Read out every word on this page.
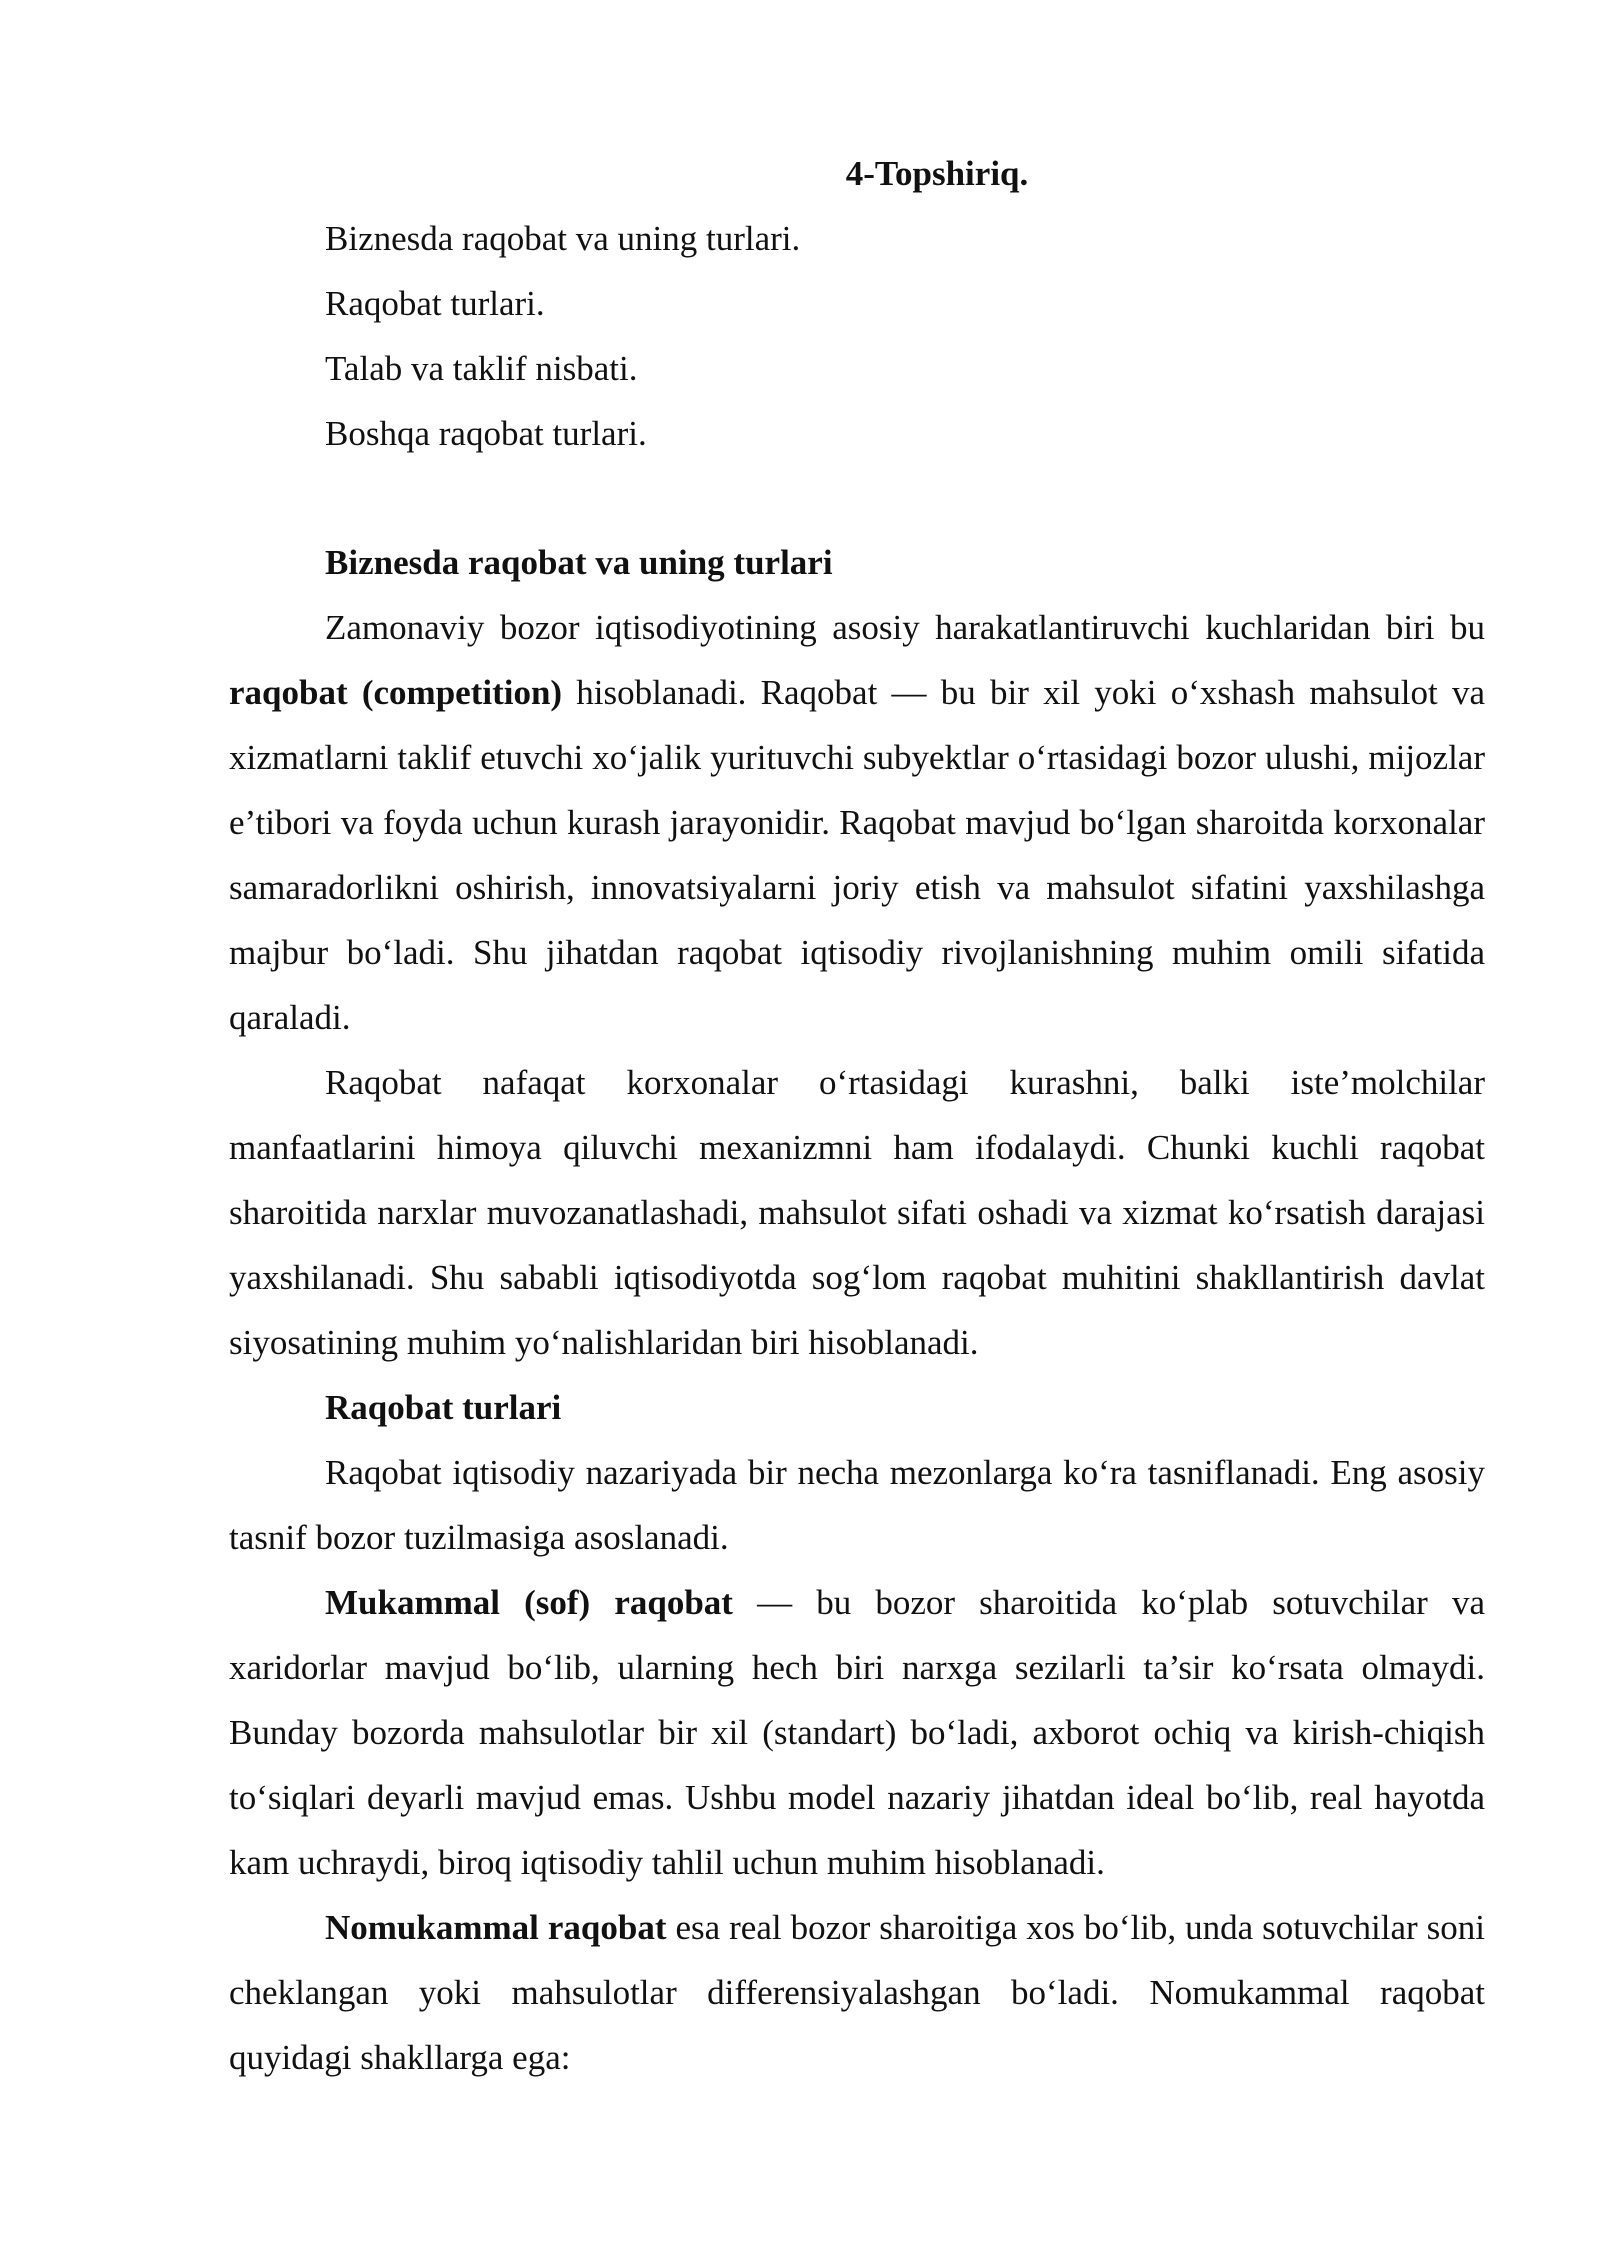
4-Topshiriq.

Biznesda raqobat va uning turlari.

Raqobat turlari.

Talab va taklif nisbati.

Boshqa raqobat turlari.

Biznesda raqobat va uning turlari

Zamonaviy bozor iqtisodiyotining asosiy harakatlantiruvchi kuchlaridan biri bu raqobat (competition) hisoblanadi. Raqobat — bu bir xil yoki o‘xshash mahsulot va xizmatlarni taklif etuvchi xo‘jalik yurituvchi subyektlar o‘rtasidagi bozor ulushi, mijozlar e’tibori va foyda uchun kurash jarayonidir. Raqobat mavjud bo‘lgan sharoitda korxonalar samaradorlikni oshirish, innovatsiyalarni joriy etish va mahsulot sifatini yaxshilashga majbur bo‘ladi. Shu jihatdan raqobat iqtisodiy rivojlanishning muhim omili sifatida qaraladi.

Raqobat nafaqat korxonalar o‘rtasidagi kurashni, balki iste’molchilar manfaatlarini himoya qiluvchi mexanizmni ham ifodalaydi. Chunki kuchli raqobat sharoitida narxlar muvozanatlashadi, mahsulot sifati oshadi va xizmat ko‘rsatish darajasi yaxshilanadi. Shu sababli iqtisodiyotda sog‘lom raqobat muhitini shakllantirish davlat siyosatining muhim yo‘nalishlaridan biri hisoblanadi.

Raqobat turlari

Raqobat iqtisodiy nazariyada bir necha mezonlarga ko‘ra tasniflanadi. Eng asosiy tasnif bozor tuzilmasiga asoslanadi.

Mukammal (sof) raqobat — bu bozor sharoitida ko‘plab sotuvchilar va xaridorlar mavjud bo‘lib, ularning hech biri narxga sezilarli ta’sir ko‘rsata olmaydi. Bunday bozorda mahsulotlar bir xil (standart) bo‘ladi, axborot ochiq va kirish-chiqish to‘siqlari deyarli mavjud emas. Ushbu model nazariy jihatdan ideal bo‘lib, real hayotda kam uchraydi, biroq iqtisodiy tahlil uchun muhim hisoblanadi.

Nomukammal raqobat esa real bozor sharoitiga xos bo‘lib, unda sotuvchilar soni cheklangan yoki mahsulotlar differensiyalashgan bo‘ladi. Nomukammal raqobat quyidagi shakllarga ega:
